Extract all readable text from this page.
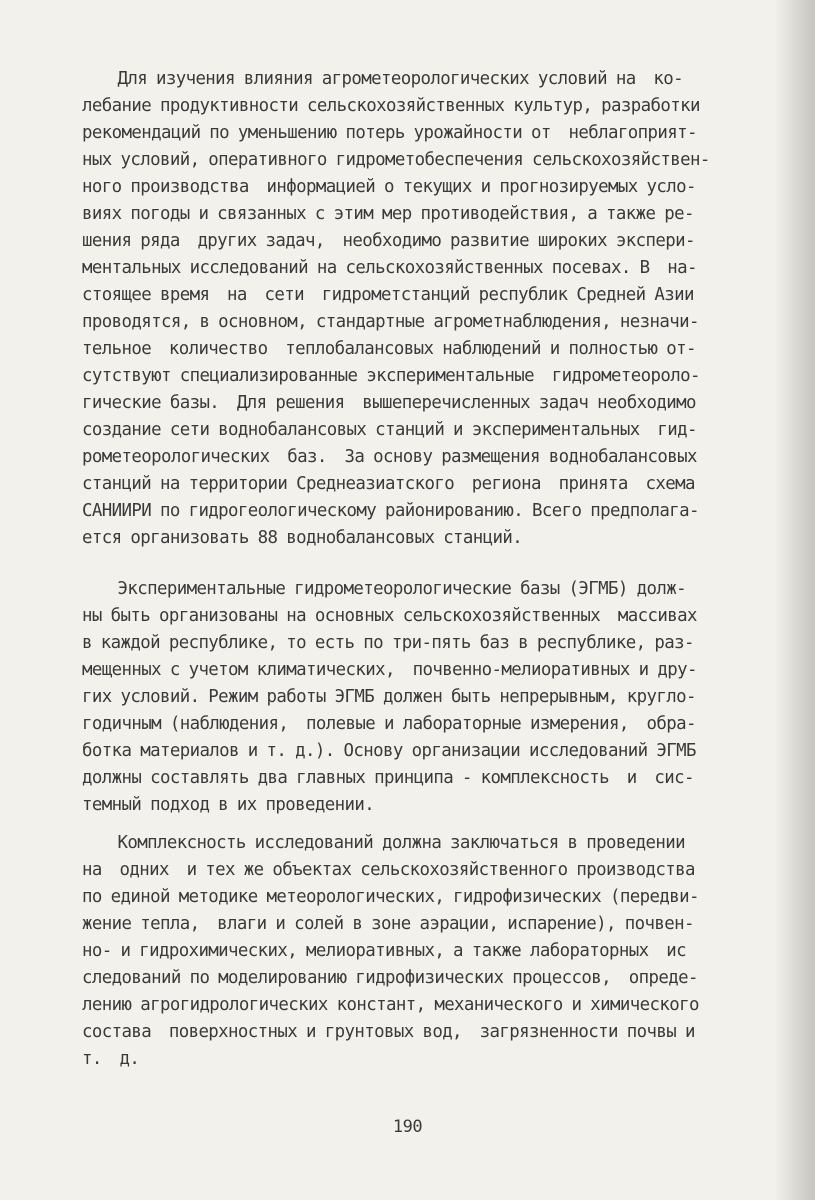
Для изучения влияния агрометеорологических условий на  ко-
лебание продуктивности сельскохозяйственных культур, разработки
рекомендаций по уменьшению потерь урожайности от  неблагоприят-
ных условий, оперативного гидрометобеспечения сельскохозяйствен-
ного производства  информацией о текущих и прогнозируемых усло-
виях погоды и связанных с этим мер противодействия, а также ре-
шения ряда  других задач,  необходимо развитие широких экспери-
ментальных исследований на сельскохозяйственных посевах. В  на-
стоящее время  на  сети  гидрометстанций республик Средней Азии
проводятся, в основном, стандартные агрометнаблюдения, незначи-
тельное  количество  теплобалансовых наблюдений и полностью от-
сутствуют специализированные экспериментальные  гидрометеороло-
гические базы.  Для решения  вышеперечисленных задач необходимо
создание сети воднобалансовых станций и экспериментальных  гид-
рометеорологических  баз.  За основу размещения воднобалансовых
станций на территории Среднеазиатского  региона  принята  схема
САНИИРИ по гидрогеологическому районированию. Всего предполага-
ется организовать 88 воднобалансовых станций.
Экспериментальные гидрометеорологические базы (ЭГМБ) долж-
ны быть организованы на основных сельскохозяйственных  массивах
в каждой республике, то есть по три-пять баз в республике, раз-
мещенных с учетом климатических,  почвенно-мелиоративных и дру-
гих условий. Режим работы ЭГМБ должен быть непрерывным, кругло-
годичным (наблюдения,  полевые и лабораторные измерения,  обра-
ботка материалов и т. д.). Основу организации исследований ЭГМБ
должны составлять два главных принципа - комплексность  и  сис-
темный подход в их проведении.
Комплексность исследований должна заключаться в проведении
на  одних  и тех же объектах сельскохозяйственного производства
по единой методике метеорологических, гидрофизических (передви-
жение тепла,  влаги и солей в зоне аэрации, испарение), почвен-
но- и гидрохимических, мелиоративных, а также лабораторных  ис
следований по моделированию гидрофизических процессов,  опреде-
лению агрогидрологических констант, механического и химического
состава  поверхностных и грунтовых вод,  загрязненности почвы и
т.  д.
190
